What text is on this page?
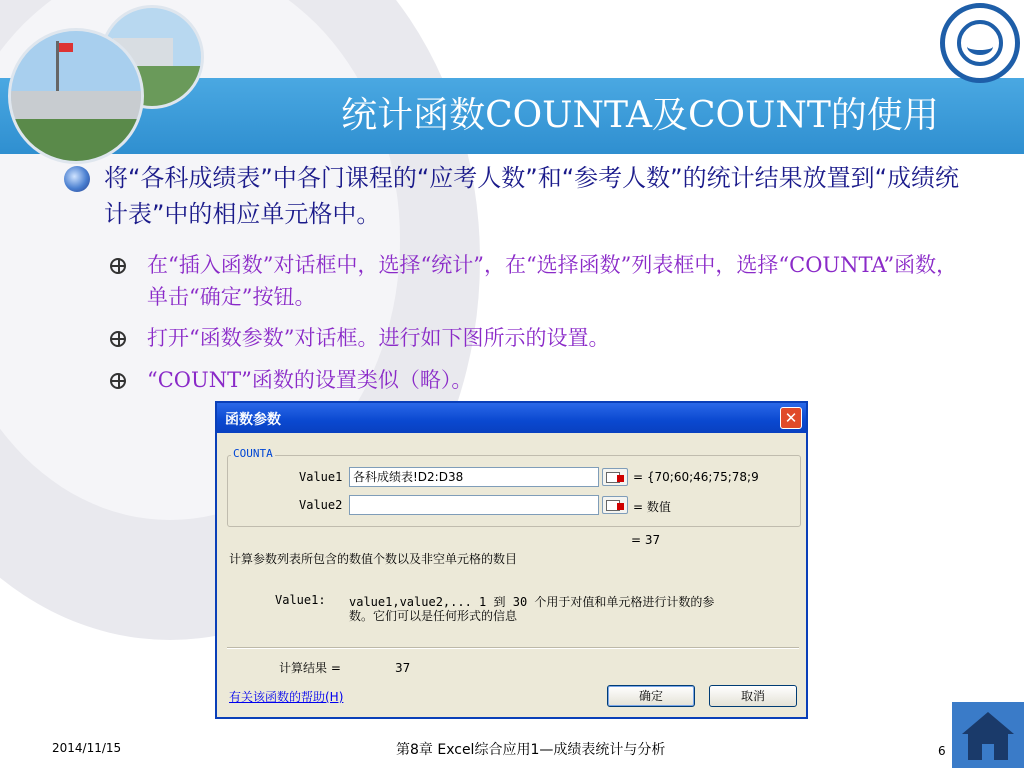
统计函数COUNTA及COUNT的使用
将“各科成绩表”中各门课程的“应考人数”和“参考人数”的统计结果放置到“成绩统计表”中的相应单元格中。
在“插入函数”对话框中，选择“统计”，在“选择函数”列表框中，选择“COUNTA”函数，单击“确定”按钮。
打开“函数参数”对话框。进行如下图所示的设置。
“COUNT”函数的设置类似（略）。
函数参数	✕
COUNTA
Value1 各科成绩表!D2:D38	= {70;60;46;75;78;9
Value2	= 数值
= 37
计算参数列表所包含的数值个数以及非空单元格的数目
Value1: value1,value2,... 1 到 30 个用于对值和单元格进行计数的参
数。它们可以是任何形式的信息
计算结果 =	37
有关该函数的帮助(H)	确定	取消
2014/11/15	第8章 Excel综合应用1—成绩表统计与分析	6
